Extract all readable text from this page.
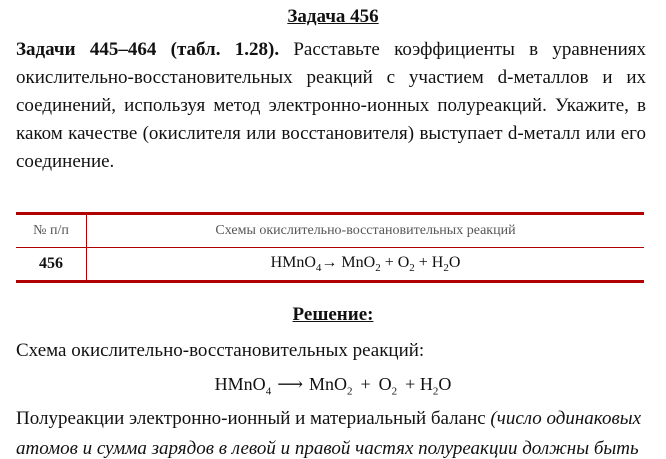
Задача 456
Задачи 445–464 (табл. 1.28). Расставьте коэффициенты в уравнениях окислительно-восстановительных реакций с участием d-металлов и их соединений, используя метод электронно-ионных полуреакций. Укажите, в каком качестве (окислителя или восстановителя) выступает d-металл или его соединение.
№ п/п	Схемы окислительно-восстановительных реакций
456	HMnO$_4$→ $MnO_2 + O_2 + H_2O$
Решение:
Схема окислительно-восстановительных реакций:
HMnO$_4$ ⟶ $MnO_2 + O_2 + H_2O$
Полуреакции электронно-ионный и материальный баланс (число одинаковых
атомов и сумма зарядов в левой и правой частях полуреакции должны быть
